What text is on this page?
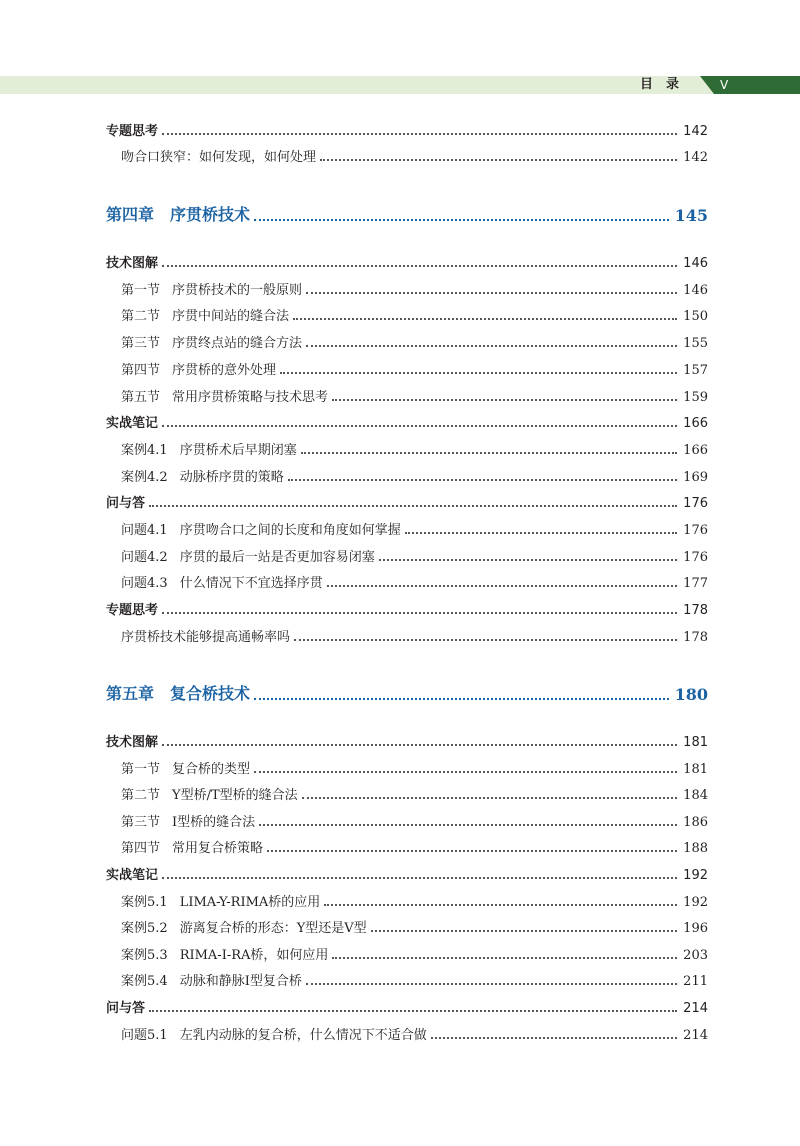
目　录	V
专题思考	142
吻合口狭窄：如何发现，如何处理	142
第四章 序贯桥技术	145
技术图解	146
第一节 序贯桥技术的一般原则	146
第二节 序贯中间站的缝合法	150
第三节 序贯终点站的缝合方法	155
第四节 序贯桥的意外处理	157
第五节 常用序贯桥策略与技术思考	159
实战笔记	166
案例4.1 序贯桥术后早期闭塞	166
案例4.2 动脉桥序贯的策略	169
问与答	176
问题4.1 序贯吻合口之间的长度和角度如何掌握	176
问题4.2 序贯的最后一站是否更加容易闭塞	176
问题4.3 什么情况下不宜选择序贯	177
专题思考	178
序贯桥技术能够提高通畅率吗	178
第五章 复合桥技术	180
技术图解	181
第一节 复合桥的类型	181
第二节 Y型桥/T型桥的缝合法	184
第三节 I型桥的缝合法	186
第四节 常用复合桥策略	188
实战笔记	192
案例5.1 LIMA-Y-RIMA桥的应用	192
案例5.2 游离复合桥的形态：Y型还是V型	196
案例5.3 RIMA-I-RA桥，如何应用	203
案例5.4 动脉和静脉I型复合桥	211
问与答	214
问题5.1 左乳内动脉的复合桥，什么情况下不适合做	214
